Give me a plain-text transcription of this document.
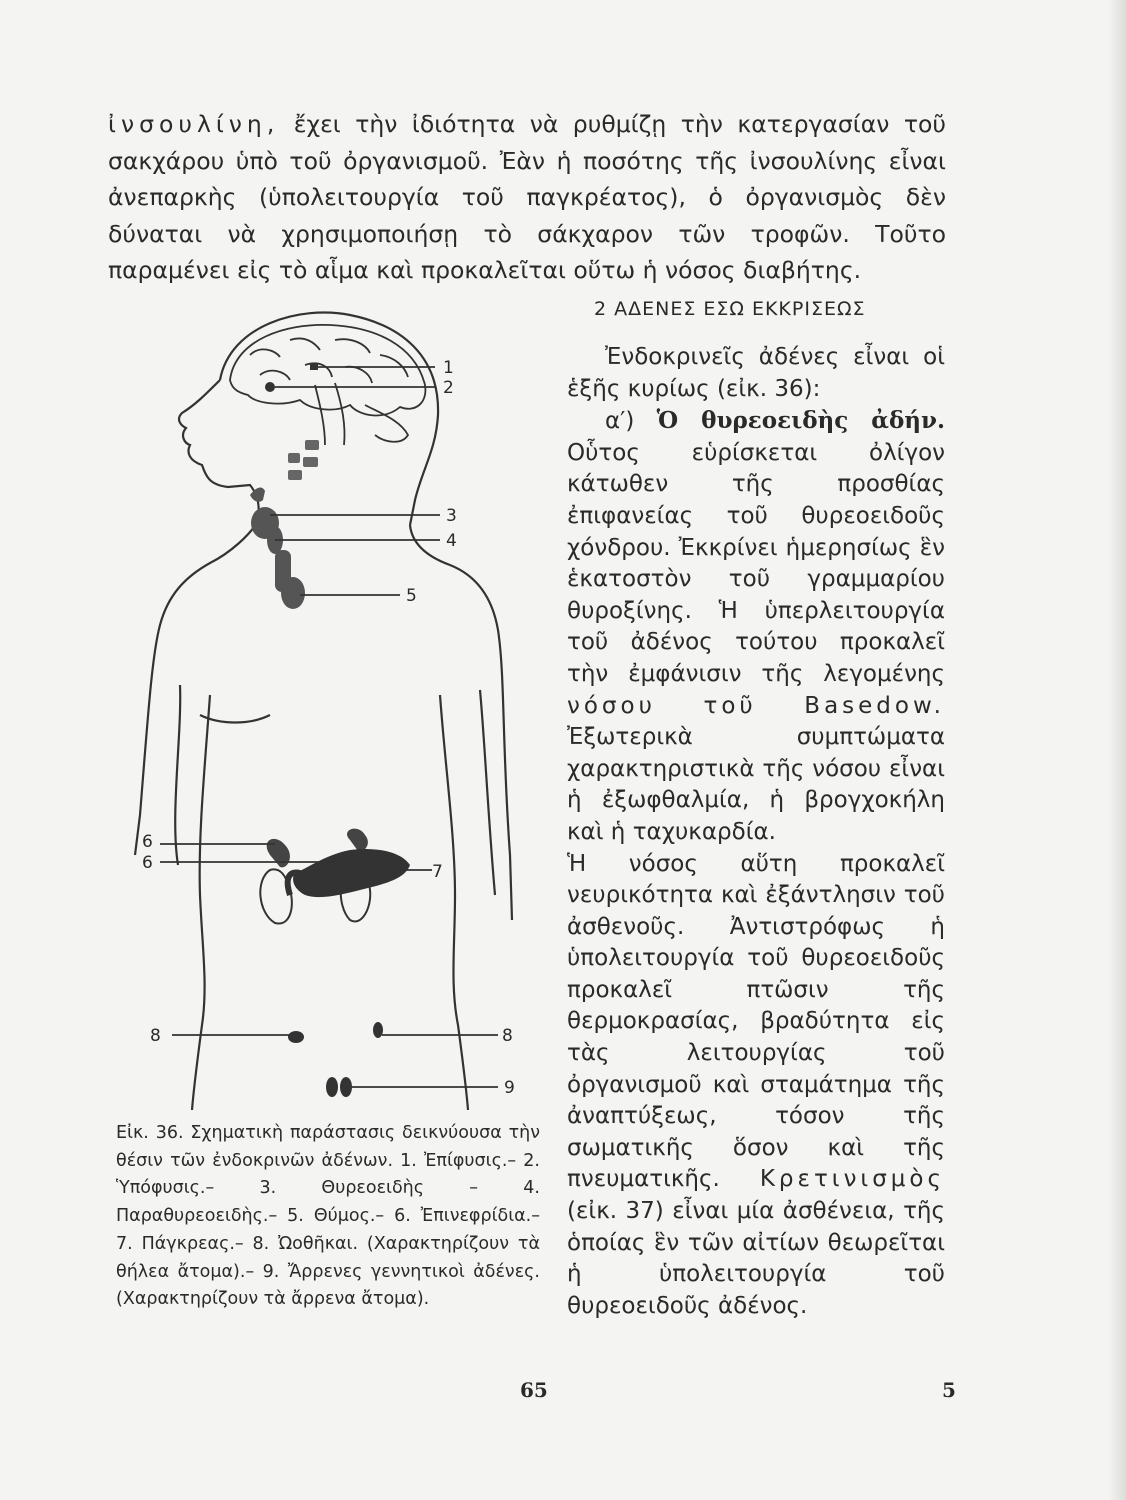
ἰνσουλίνη, ἔχει τὴν ἰδιότητα νὰ ρυθμίζῃ τὴν κατεργασίαν τοῦ σακχάρου ὑπὸ τοῦ ὀργανισμοῦ. Ἐὰν ἡ ποσότης τῆς ἰνσουλίνης εἶναι ἀνεπαρκὴς (ὑπολειτουργία τοῦ παγκρέατος), ὁ ὀργανισμὸς δὲν δύναται νὰ χρησιμοποιήσῃ τὸ σάκχαρον τῶν τροφῶν. Τοῦτο παραμένει εἰς τὸ αἷμα καὶ προκαλεῖται οὕτω ἡ νόσος διαβήτης.
2 ΑΔΕΝΕΣ ΕΣΩ ΕΚΚΡΙΣΕΩΣ

Ἐνδοκρινεῖς ἀδένες εἶναι οἱ ἑξῆς κυρίως (εἰκ. 36):

α′) Ὁ θυρεοειδὴς ἀδήν. Οὗτος εὑρίσκεται ὀλίγον κάτωθεν τῆς προσθίας ἐπιφανείας τοῦ θυρεοειδοῦς χόνδρου. Ἐκκρίνει ἡμερησίως ἓν ἑκατοστὸν τοῦ γραμμαρίου θυροξίνης. Ἡ ὑπερλειτουργία τοῦ ἀδένος τούτου προκαλεῖ τὴν ἐμφάνισιν τῆς λεγομένης νόσου τοῦ Basedow. Ἐξωτερικὰ συμπτώματα χαρακτηριστικὰ τῆς νόσου εἶναι ἡ ἐξωφθαλμία, ἡ βρογχοκήλη καὶ ἡ ταχυκαρδία.

Ἡ νόσος αὕτη προκαλεῖ νευρικότητα καὶ ἐξάντλησιν τοῦ ἀσθενοῦς. Ἀντιστρόφως ἡ ὑπολειτουργία τοῦ θυρεοειδοῦς προκαλεῖ πτῶσιν τῆς θερμοκρασίας, βραδύτητα εἰς τὰς λειτουργίας τοῦ ὀργανισμοῦ καὶ σταμάτημα τῆς ἀναπτύξεως, τόσον τῆς σωματικῆς ὅσον καὶ τῆς πνευματικῆς. Κρετινισμὸς (εἰκ. 37) εἶναι μία ἀσθένεια, τῆς ὁποίας ἓν τῶν αἰτίων θεωρεῖται ἡ ὑπολειτουργία τοῦ θυρεοειδοῦς ἀδένος.

1
2
3
4
5
6
6	7
8	8
9
Εἰκ. 36. Σχηματικὴ παράστασις δεικνύουσα τὴν θέσιν τῶν ἐνδοκρινῶν ἀδένων. 1. Ἐπίφυσις.– 2. Ὑπόφυσις.– 3. Θυρεοειδὴς – 4. Παραθυρεοειδὴς.– 5. Θύμος.– 6. Ἐπινεφρίδια.– 7. Πάγκρεας.– 8. Ὠοθῆκαι. (Χαρακτηρίζουν τὰ θήλεα ἄτομα).– 9. Ἄρρενες γεννητικοὶ ἀδένες. (Χαρακτηρίζουν τὰ ἄρρενα ἄτομα).
65	5
